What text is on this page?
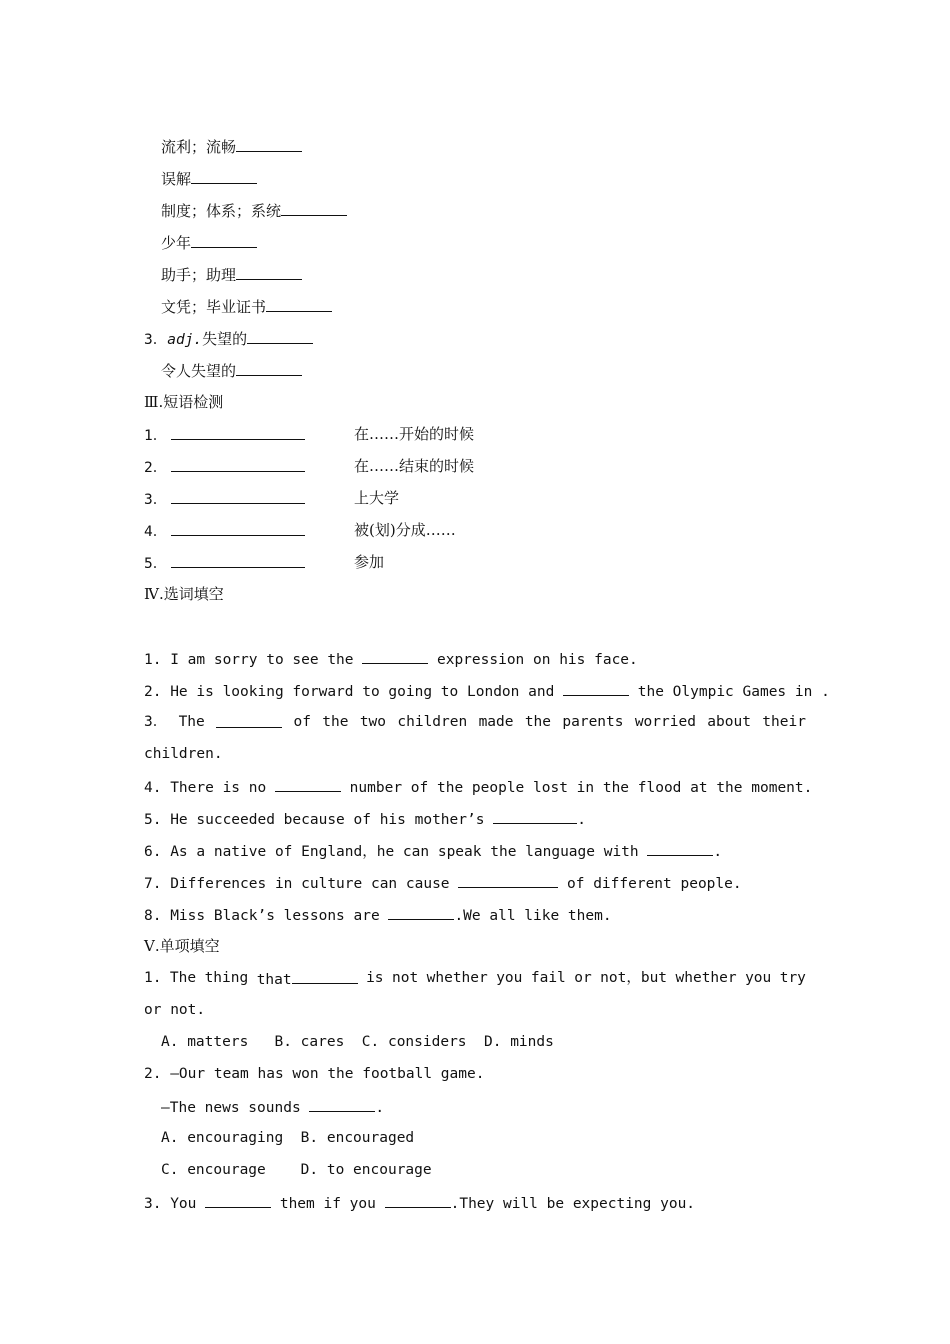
流利；流畅
误解
制度；体系；系统
少年
助手；助理
文凭；毕业证书
3．adj.失望的
令人失望的
Ⅲ.短语检测
1．	在……开始的时候
2．	在……结束的时候
3．	上大学
4．	被(划)分成……
5．	参加
Ⅳ.选词填空
1. I am sorry to see the	expression on his face.
2. He is looking forward to going to London and	the Olympic Games in .
3． The	of the two children made the parents worried about their
children.
4. There is no	number of the people lost in the flood at the moment.
5. He succeeded because of his mother’s	.
6. As a native of England，he can speak the language with	.
7. Differences in culture can cause	of different people.
8. Miss Black’s lessons are	.We all like them.
Ⅴ.单项填空
1. The thing that	is not whether you fail or not，but whether you try
or not.
A. matters   B. cares  C. considers  D. minds
2. —Our team has won the football game.
—The news sounds	.
A. encouraging  B. encouraged
C. encourage    D. to encourage
3. You	them if you	.They will be expecting you.
